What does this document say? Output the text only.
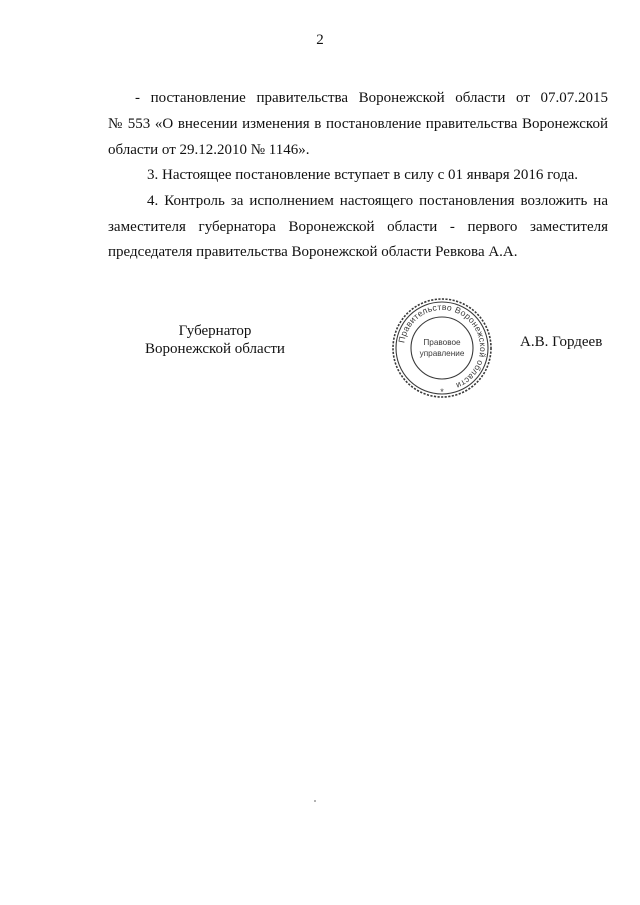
2
- постановление правительства Воронежской области от 07.07.2015
№ 553 «О внесении изменения в постановление правительства Воронежской
области от 29.12.2010 № 1146».
3. Настоящее постановление вступает в силу с 01 января 2016 года.
4. Контроль за исполнением настоящего постановления возложить на
заместителя губернатора Воронежской области - первого заместителя
председателя правительства Воронежской области Ревкова А.А.
Губернатор
Воронежской области
Правительство Воронежской области
Правовое
управление
*
А.В. Гордеев
